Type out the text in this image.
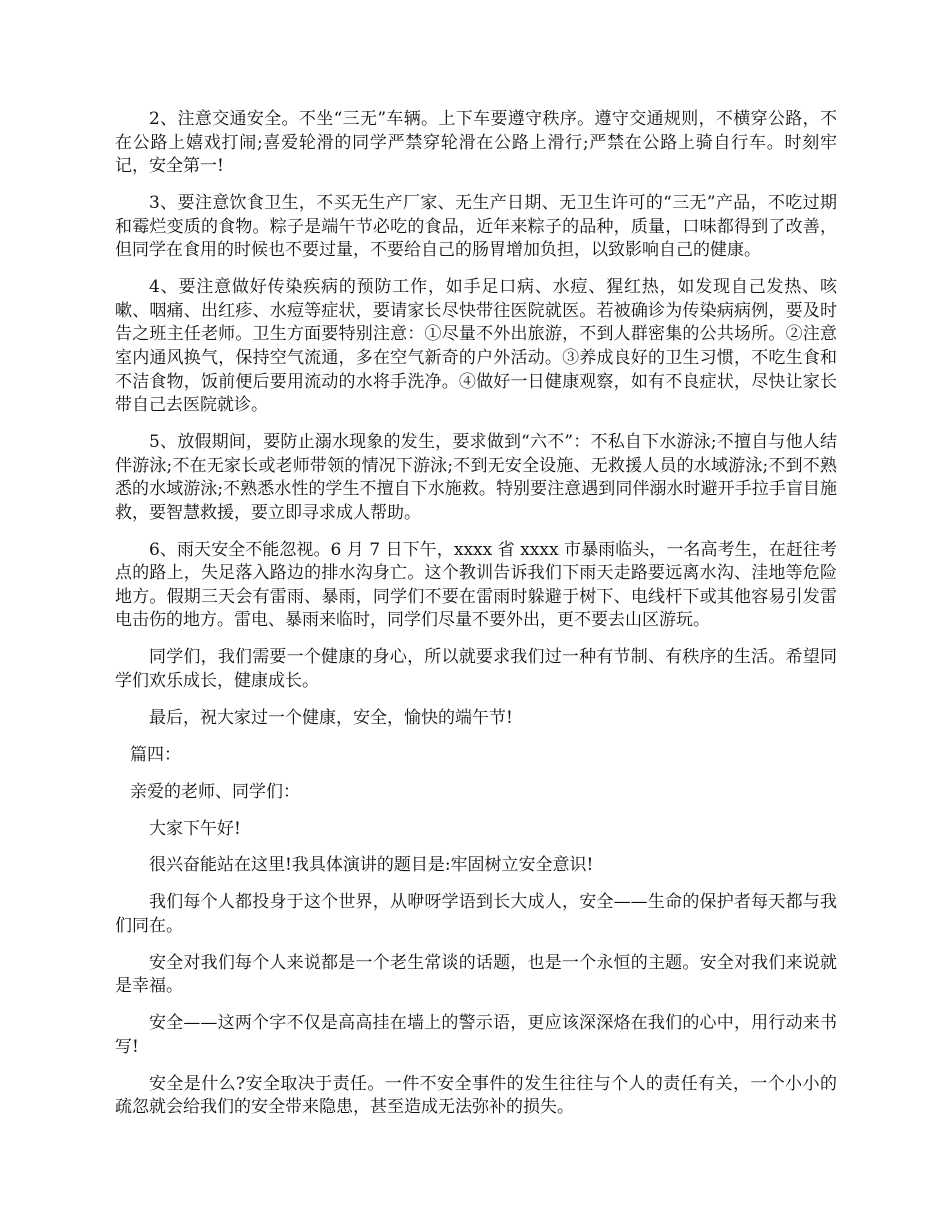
2、注意交通安全。不坐“三无”车辆。上下车要遵守秩序。遵守交通规则，不横穿公路，不在公路上嬉戏打闹;喜爱轮滑的同学严禁穿轮滑在公路上滑行;严禁在公路上骑自行车。时刻牢记，安全第一!

3、要注意饮食卫生，不买无生产厂家、无生产日期、无卫生许可的“三无”产品，不吃过期和霉烂变质的食物。粽子是端午节必吃的食品，近年来粽子的品种，质量，口味都得到了改善，但同学在食用的时候也不要过量，不要给自己的肠胃增加负担，以致影响自己的健康。

4、要注意做好传染疾病的预防工作，如手足口病、水痘、猩红热，如发现自己发热、咳嗽、咽痛、出红疹、水痘等症状，要请家长尽快带往医院就医。若被确诊为传染病病例，要及时告之班主任老师。卫生方面要特别注意：①尽量不外出旅游，不到人群密集的公共场所。②注意室内通风换气，保持空气流通，多在空气新奇的户外活动。③养成良好的卫生习惯，不吃生食和不洁食物，饭前便后要用流动的水将手洗净。④做好一日健康观察，如有不良症状，尽快让家长带自己去医院就诊。

5、放假期间，要防止溺水现象的发生，要求做到“六不”：不私自下水游泳;不擅自与他人结伴游泳;不在无家长或老师带领的情况下游泳;不到无安全设施、无救援人员的水域游泳;不到不熟悉的水域游泳;不熟悉水性的学生不擅自下水施救。特别要注意遇到同伴溺水时避开手拉手盲目施救，要智慧救援，要立即寻求成人帮助。

6、雨天安全不能忽视。6 月 7 日下午，xxxx 省 xxxx 市暴雨临头，一名高考生，在赶往考点的路上，失足落入路边的排水沟身亡。这个教训告诉我们下雨天走路要远离水沟、洼地等危险地方。假期三天会有雷雨、暴雨，同学们不要在雷雨时躲避于树下、电线杆下或其他容易引发雷电击伤的地方。雷电、暴雨来临时，同学们尽量不要外出，更不要去山区游玩。

同学们，我们需要一个健康的身心，所以就要求我们过一种有节制、有秩序的生活。希望同学们欢乐成长，健康成长。

最后，祝大家过一个健康，安全，愉快的端午节!

篇四：

亲爱的老师、同学们：

大家下午好!

很兴奋能站在这里!我具体演讲的题目是:牢固树立安全意识!

我们每个人都投身于这个世界，从咿呀学语到长大成人，安全——生命的保护者每天都与我们同在。

安全对我们每个人来说都是一个老生常谈的话题，也是一个永恒的主题。安全对我们来说就是幸福。

安全——这两个字不仅是高高挂在墙上的警示语，更应该深深烙在我们的心中，用行动来书写!

安全是什么?安全取决于责任。一件不安全事件的发生往往与个人的责任有关，一个小小的疏忽就会给我们的安全带来隐患，甚至造成无法弥补的损失。
